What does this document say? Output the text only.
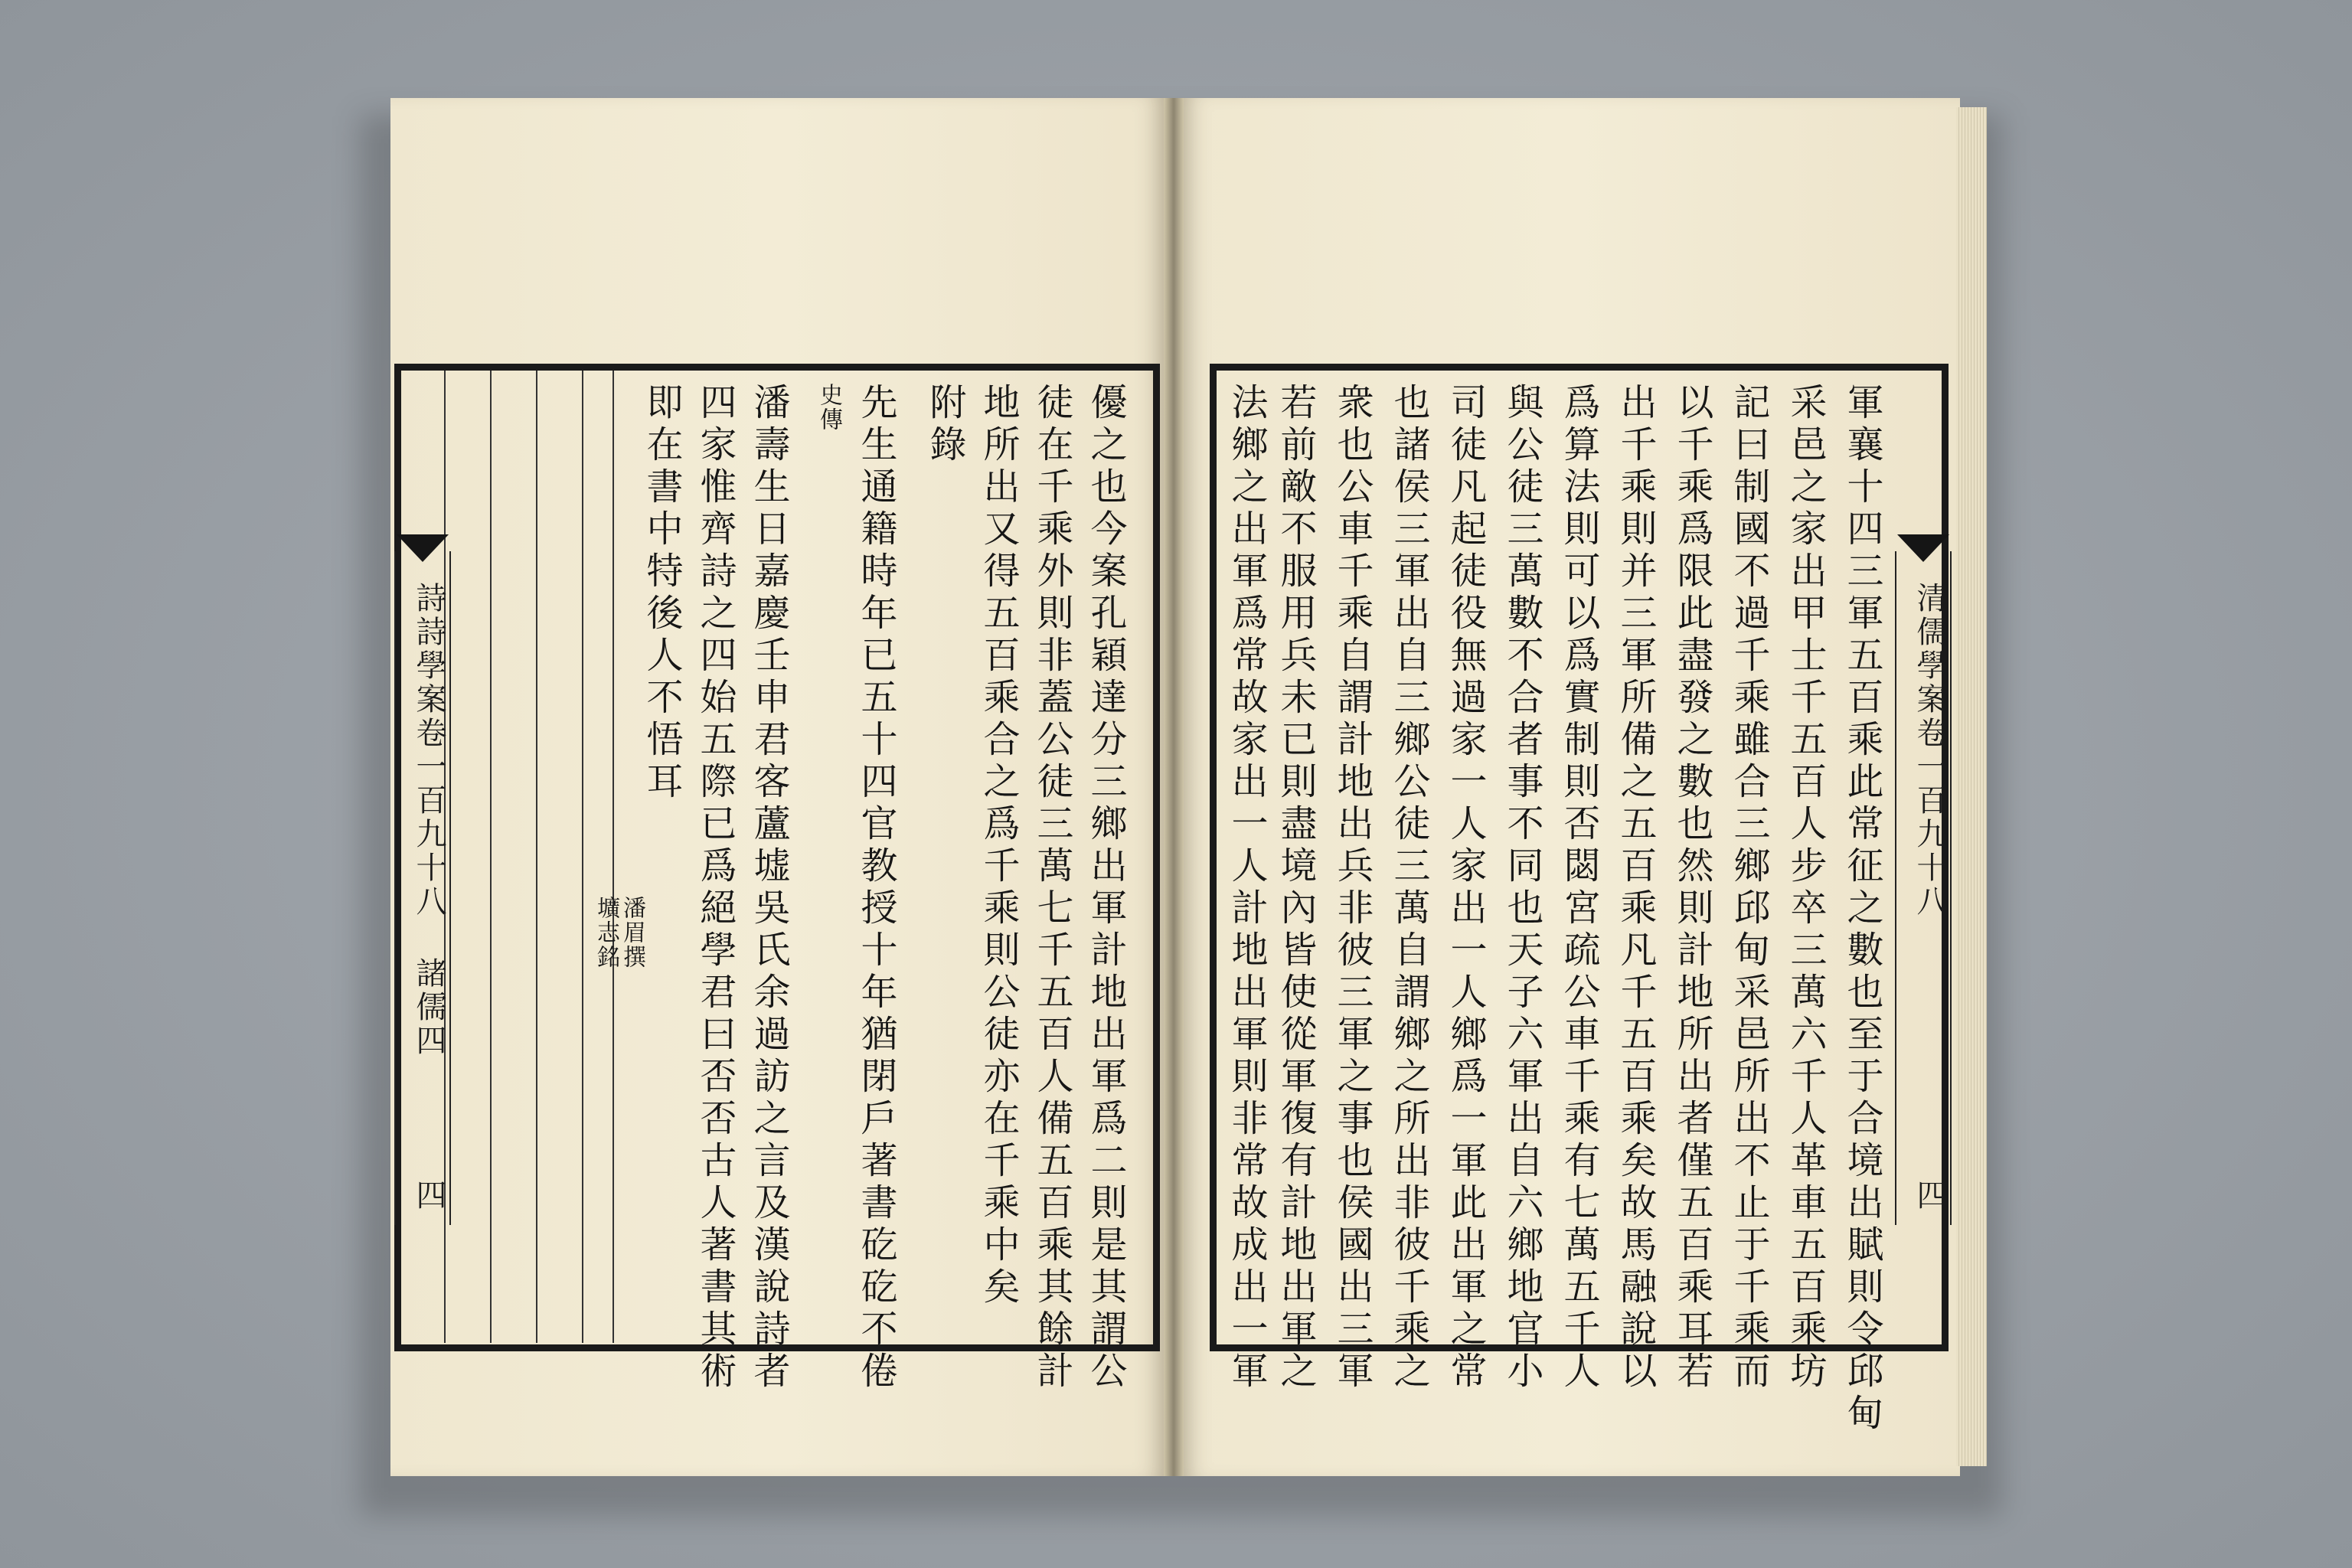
詩詩學案卷一百九十八 諸儒四
四	優之也今案孔穎達分三鄉出軍計地出軍爲二則是其謂公
徒在千乘外則非蓋公徒三萬七千五百人備五百乘其餘計
地所出又得五百乘合之爲千乘則公徒亦在千乘中矣
附錄
先生通籍時年已五十四官教授十年猶閉戶著書矻矻不倦
史傳
潘壽生日嘉慶壬申君客蘆墟吳氏余過訪之言及漢說詩者
四家惟齊詩之四始五際已爲絕學君曰否否古人著書其術
即在書中特後人不悟耳
潘眉撰
壙志銘
清儒學案卷一百九十八
四
軍襄十四三軍五百乘此常征之數也至于合境出賦則令邱甸
采邑之家出甲士千五百人步卒三萬六千人革車五百乘坊
記曰制國不過千乘雖合三鄉邱甸采邑所出不止于千乘而
以千乘爲限此盡發之數也然則計地所出者僅五百乘耳若
出千乘則并三軍所備之五百乘凡千五百乘矣故馬融說以
爲算法則可以爲實制則否閟宮疏公車千乘有七萬五千人
與公徒三萬數不合者事不同也天子六軍出自六鄉地官小
司徒凡起徒役無過家一人家出一人鄉爲一軍此出軍之常
也諸侯三軍出自三鄉公徒三萬自謂鄉之所出非彼千乘之
衆也公車千乘自謂計地出兵非彼三軍之事也侯國出三軍
若前敵不服用兵未已則盡境內皆使從軍復有計地出軍之
法鄉之出軍爲常故家出一人計地出軍則非常故成出一軍
